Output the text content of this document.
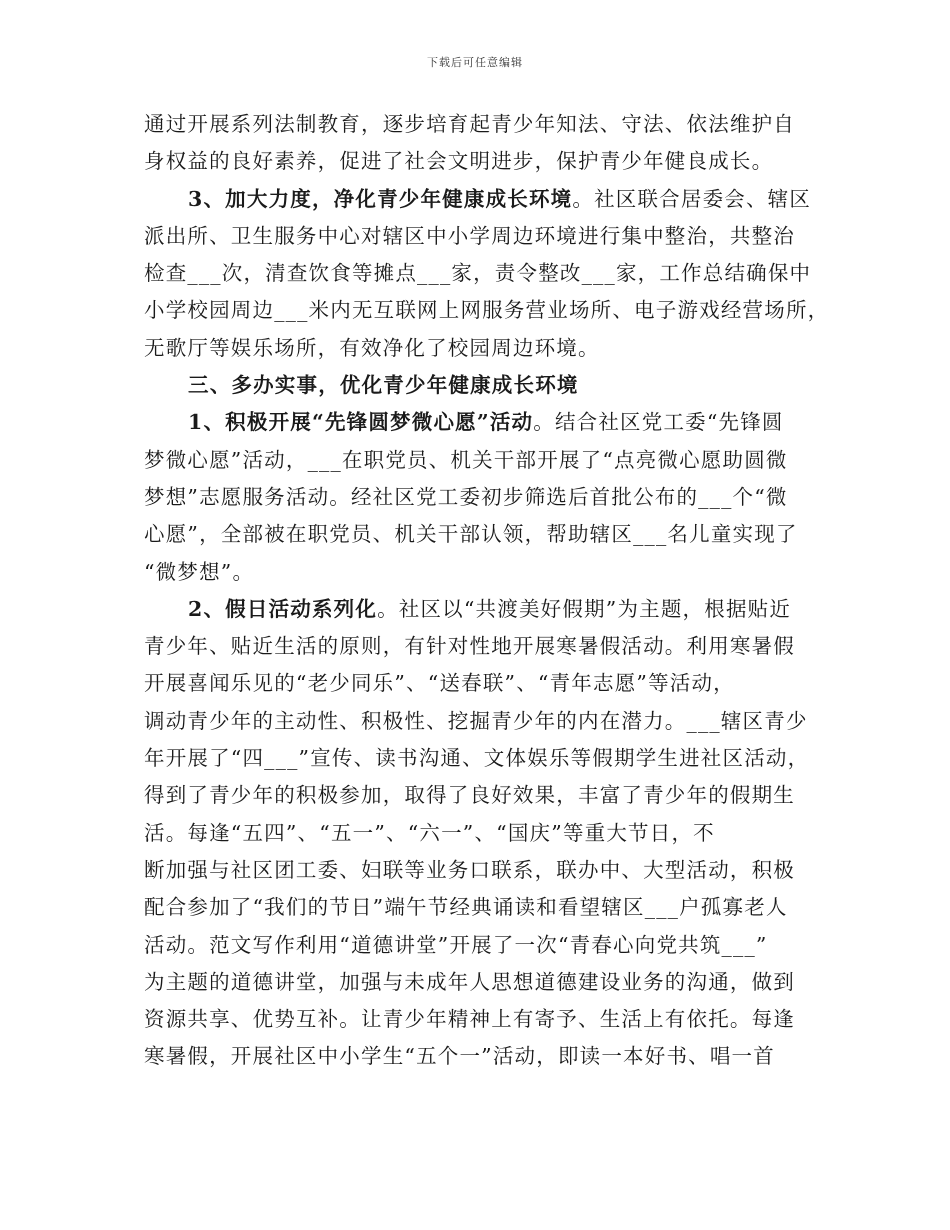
下载后可任意编辑
通过开展系列法制教育，逐步培育起青少年知法、守法、依法维护自
身权益的良好素养，促进了社会文明进步，保护青少年健良成长。
3、加大力度，净化青少年健康成长环境。社区联合居委会、辖区
派出所、卫生服务中心对辖区中小学周边环境进行集中整治，共整治
检查___次，清查饮食等摊点___家，责令整改___家，工作总结确保中
小学校园周边___米内无互联网上网服务营业场所、电子游戏经营场所，
无歌厅等娱乐场所，有效净化了校园周边环境。
三、多办实事，优化青少年健康成长环境
1、积极开展“先锋圆梦微心愿”活动。结合社区党工委“先锋圆
梦微心愿”活动，___在职党员、机关干部开展了“点亮微心愿助圆微
梦想”志愿服务活动。经社区党工委初步筛选后首批公布的___个“微
心愿”，全部被在职党员、机关干部认领，帮助辖区___名儿童实现了
“微梦想”。
2、假日活动系列化。社区以“共渡美好假期”为主题，根据贴近
青少年、贴近生活的原则，有针对性地开展寒暑假活动。利用寒暑假
开展喜闻乐见的“老少同乐”、“送春联”、“青年志愿”等活动，
调动青少年的主动性、积极性、挖掘青少年的内在潜力。___辖区青少
年开展了“四___”宣传、读书沟通、文体娱乐等假期学生进社区活动，
得到了青少年的积极参加，取得了良好效果，丰富了青少年的假期生
活。每逢“五四”、“五一”、“六一”、“国庆”等重大节日，不
断加强与社区团工委、妇联等业务口联系，联办中、大型活动，积极
配合参加了“我们的节日”端午节经典诵读和看望辖区___户孤寡老人
活动。范文写作利用“道德讲堂”开展了一次“青春心向党共筑___”
为主题的道德讲堂，加强与未成年人思想道德建设业务的沟通，做到
资源共享、优势互补。让青少年精神上有寄予、生活上有依托。每逢
寒暑假，开展社区中小学生“五个一”活动，即读一本好书、唱一首
